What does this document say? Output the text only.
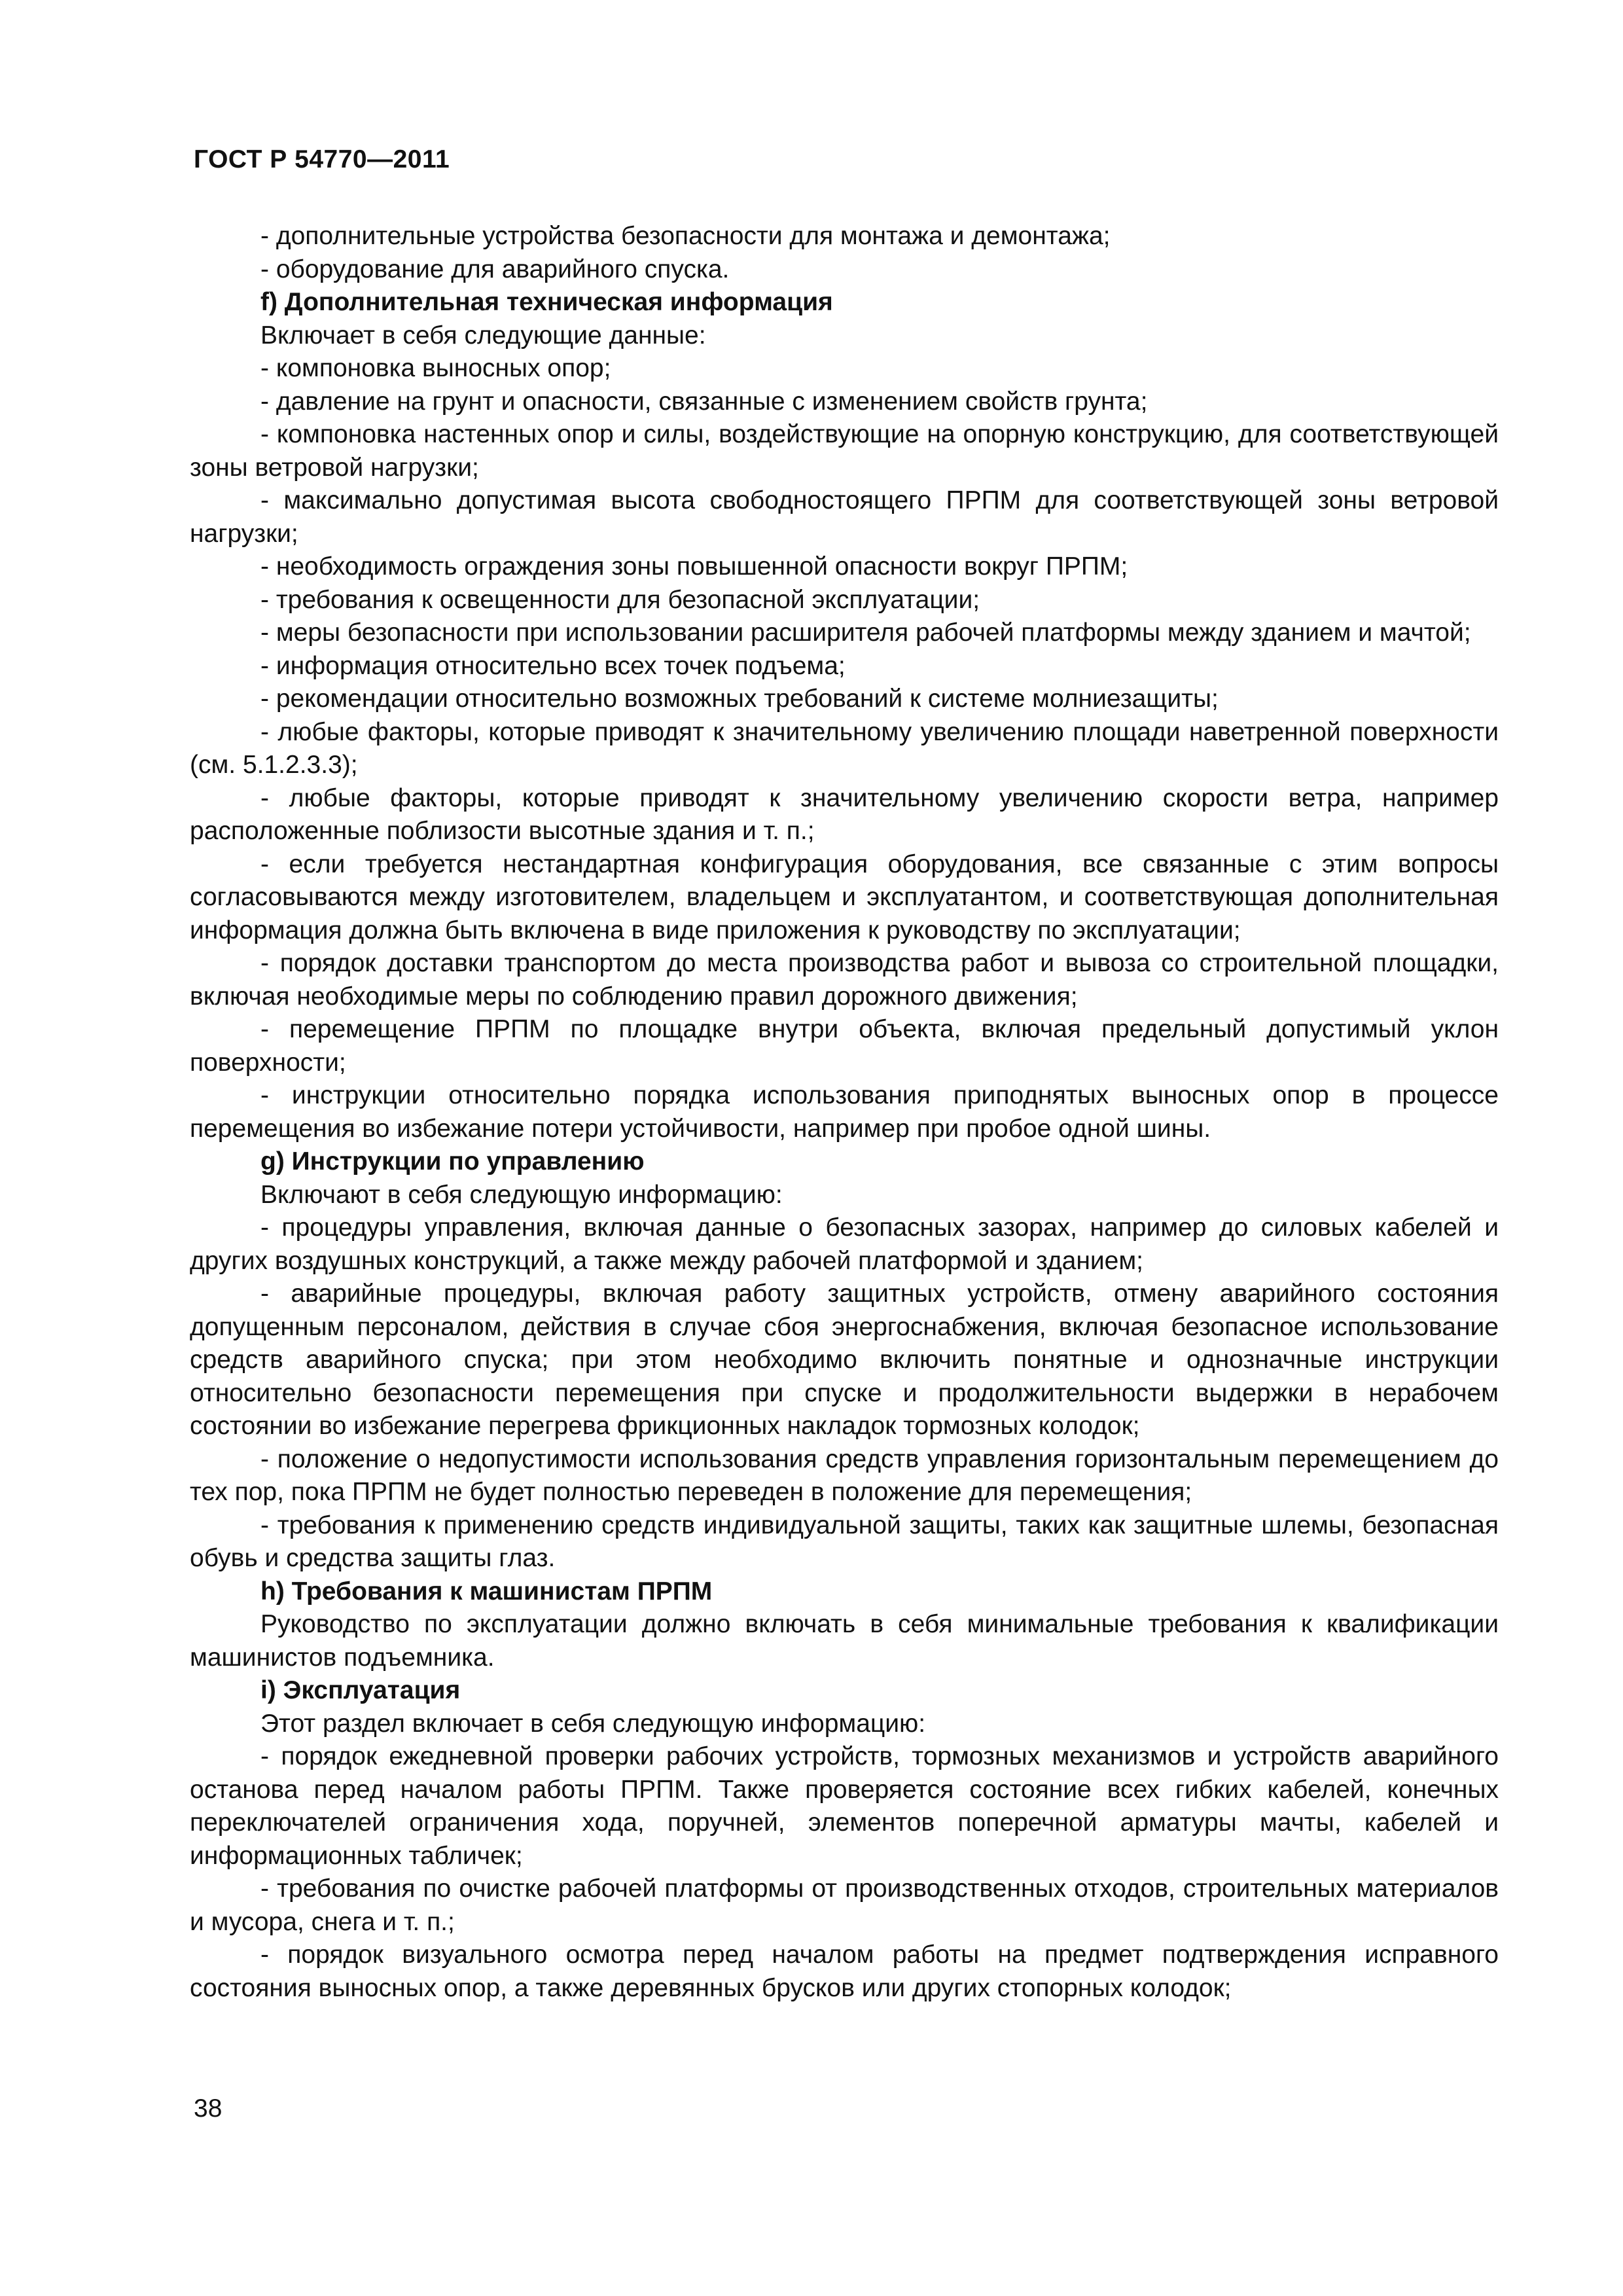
ГОСТ Р 54770—2011

- дополнительные устройства безопасности для монтажа и демонтажа;

- оборудование для аварийного спуска.

f) Дополнительная техническая информация

Включает в себя следующие данные:

- компоновка выносных опор;

- давление на грунт и опасности, связанные с изменением свойств грунта;

- компоновка настенных опор и силы, воздействующие на опорную конструкцию, для соответствующей зоны ветровой нагрузки;

- максимально допустимая высота свободностоящего ПРПМ для соответствующей зоны ветровой нагрузки;

- необходимость ограждения зоны повышенной опасности вокруг ПРПМ;

- требования к освещенности для безопасной эксплуатации;

- меры безопасности при использовании расширителя рабочей платформы между зданием и мачтой;

- информация относительно всех точек подъема;

- рекомендации относительно возможных требований к системе молниезащиты;

- любые факторы, которые приводят к значительному увеличению площади наветренной поверхности (см. 5.1.2.3.3);

- любые факторы, которые приводят к значительному увеличению скорости ветра, например расположенные поблизости высотные здания и т. п.;

- если требуется нестандартная конфигурация оборудования, все связанные с этим вопросы согласовываются между изготовителем, владельцем и эксплуатантом, и соответствующая дополнительная информация должна быть включена в виде приложения к руководству по эксплуатации;

- порядок доставки транспортом до места производства работ и вывоза со строительной площадки, включая необходимые меры по соблюдению правил дорожного движения;

- перемещение ПРПМ по площадке внутри объекта, включая предельный допустимый уклон поверхности;

- инструкции относительно порядка использования приподнятых выносных опор в процессе перемещения во избежание потери устойчивости, например при пробое одной шины.

g) Инструкции по управлению

Включают в себя следующую информацию:

- процедуры управления, включая данные о безопасных зазорах, например до силовых кабелей и других воздушных конструкций, а также между рабочей платформой и зданием;

- аварийные процедуры, включая работу защитных устройств, отмену аварийного состояния допущенным персоналом, действия в случае сбоя энергоснабжения, включая безопасное использование средств аварийного спуска; при этом необходимо включить понятные и однозначные инструкции относительно безопасности перемещения при спуске и продолжительности выдержки в нерабочем состоянии во избежание перегрева фрикционных накладок тормозных колодок;

- положение о недопустимости использования средств управления горизонтальным перемещением до тех пор, пока ПРПМ не будет полностью переведен в положение для перемещения;

- требования к применению средств индивидуальной защиты, таких как защитные шлемы, безопасная обувь и средства защиты глаз.

h) Требования к машинистам ПРПМ

Руководство по эксплуатации должно включать в себя минимальные требования к квалификации машинистов подъемника.

i) Эксплуатация

Этот раздел включает в себя следующую информацию:

- порядок ежедневной проверки рабочих устройств, тормозных механизмов и устройств аварийного останова перед началом работы ПРПМ. Также проверяется состояние всех гибких кабелей, конечных переключателей ограничения хода, поручней, элементов поперечной арматуры мачты, кабелей и информационных табличек;

- требования по очистке рабочей платформы от производственных отходов, строительных материалов и мусора, снега и т. п.;

- порядок визуального осмотра перед началом работы на предмет подтверждения исправного состояния выносных опор, а также деревянных брусков или других стопорных колодок;

38
